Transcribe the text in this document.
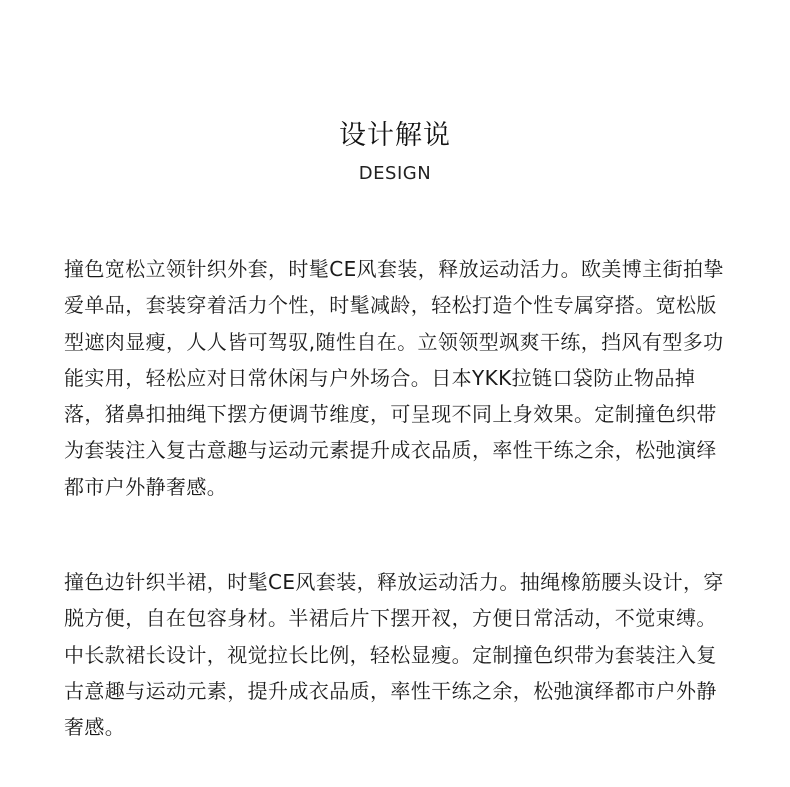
设计解说
DESIGN

撞色宽松立领针织外套，时髦CE风套装，释放运动活力。欧美博主街拍挚爱单品，套装穿着活力个性，时髦减龄，轻松打造个性专属穿搭。宽松版型遮肉显瘦，人人皆可驾驭,随性自在。立领领型飒爽干练，挡风有型多功能实用，轻松应对日常休闲与户外场合。日本YKK拉链口袋防止物品掉落，猪鼻扣抽绳下摆方便调节维度，可呈现不同上身效果。定制撞色织带为套装注入复古意趣与运动元素提升成衣品质，率性干练之余，松弛演绎都市户外静奢感。

撞色边针织半裙，时髦CE风套装，释放运动活力。抽绳橡筋腰头设计，穿脱方便，自在包容身材。半裙后片下摆开衩，方便日常活动，不觉束缚。中长款裙长设计，视觉拉长比例，轻松显瘦。定制撞色织带为套装注入复古意趣与运动元素，提升成衣品质，率性干练之余，松弛演绎都市户外静奢感。
